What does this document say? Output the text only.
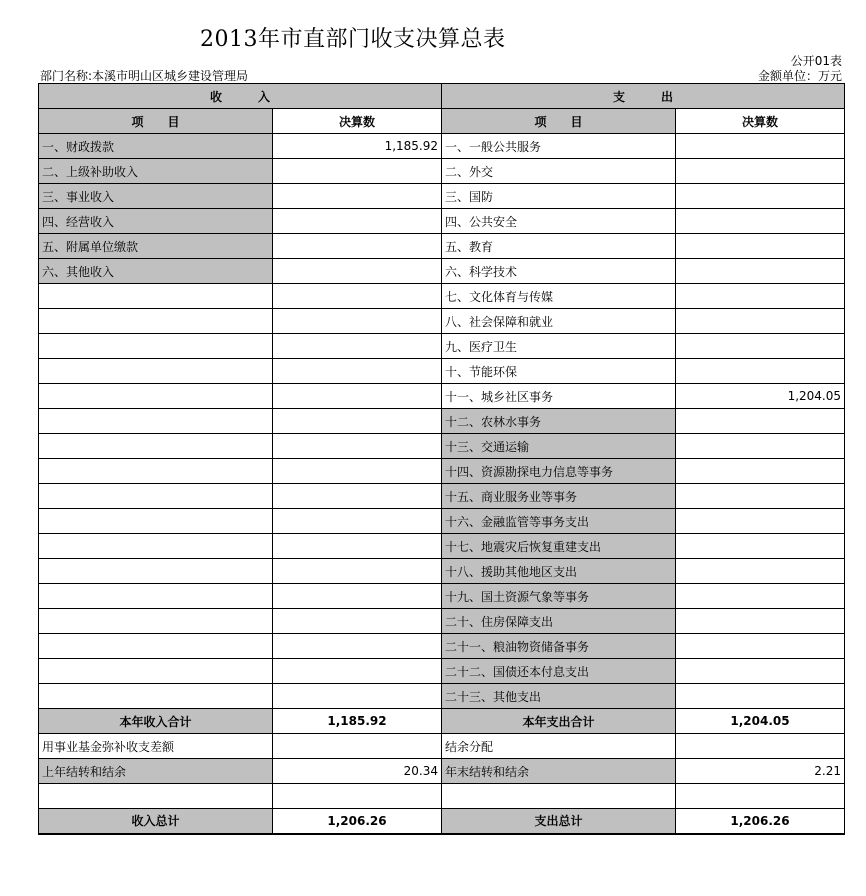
2013年市直部门收支决算总表
公开01表
部门名称:本溪市明山区城乡建设管理局	金额单位：万元
收　　　入		支　　　出	
项　　目	决算数	项　　目	决算数
一、财政拨款	1,185.92	一、一般公共服务	
二、上级补助收入		二、外交	
三、事业收入		三、国防	
四、经营收入		四、公共安全	
五、附属单位缴款		五、教育	
六、其他收入		六、科学技术	
		七、文化体育与传媒	
		八、社会保障和就业	
		九、医疗卫生	
		十、节能环保	
		十一、城乡社区事务	1,204.05
		十二、农林水事务	
		十三、交通运输	
		十四、资源勘探电力信息等事务	
		十五、商业服务业等事务	
		十六、金融监管等事务支出	
		十七、地震灾后恢复重建支出	
		十八、援助其他地区支出	
		十九、国土资源气象等事务	
		二十、住房保障支出	
		二十一、粮油物资储备事务	
		二十二、国债还本付息支出	
		二十三、其他支出	
本年收入合计	1,185.92	本年支出合计	1,204.05
用事业基金弥补收支差额		结余分配	
上年结转和结余	20.34	年末结转和结余	2.21

收入总计	1,206.26	支出总计	1,206.26
